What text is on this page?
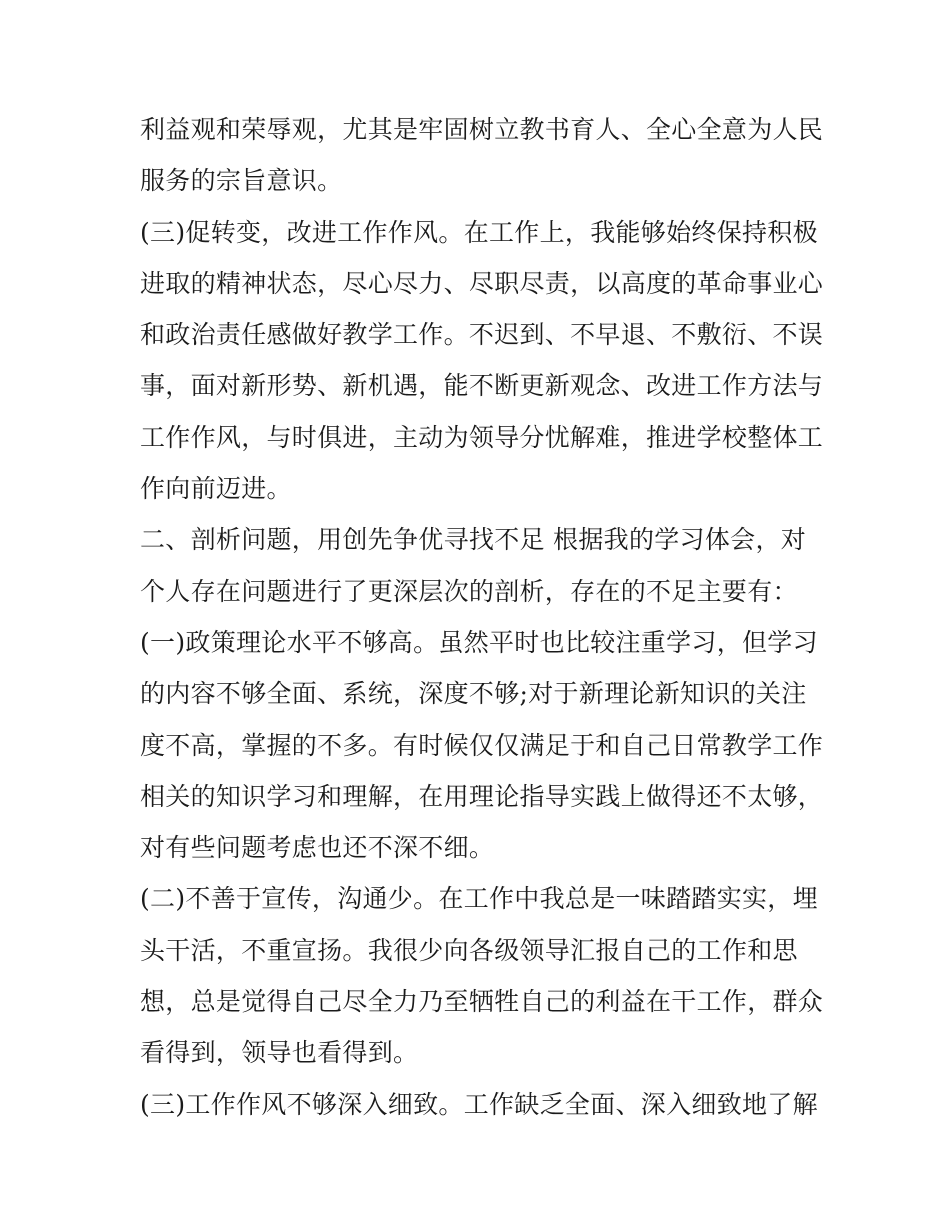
利益观和荣辱观，尤其是牢固树立教书育人、全心全意为人民
服务的宗旨意识。
(三)促转变，改进工作作风。在工作上，我能够始终保持积极
进取的精神状态，尽心尽力、尽职尽责，以高度的革命事业心
和政治责任感做好教学工作。不迟到、不早退、不敷衍、不误
事，面对新形势、新机遇，能不断更新观念、改进工作方法与
工作作风，与时俱进，主动为领导分忧解难，推进学校整体工
作向前迈进。
二、剖析问题，用创先争优寻找不足 根据我的学习体会，对
个人存在问题进行了更深层次的剖析，存在的不足主要有：
(一)政策理论水平不够高。虽然平时也比较注重学习，但学习
的内容不够全面、系统，深度不够;对于新理论新知识的关注
度不高，掌握的不多。有时候仅仅满足于和自己日常教学工作
相关的知识学习和理解，在用理论指导实践上做得还不太够，
对有些问题考虑也还不深不细。
(二)不善于宣传，沟通少。在工作中我总是一味踏踏实实，埋
头干活，不重宣扬。我很少向各级领导汇报自己的工作和思
想，总是觉得自己尽全力乃至牺牲自己的利益在干工作，群众
看得到，领导也看得到。
(三)工作作风不够深入细致。工作缺乏全面、深入细致地了解
